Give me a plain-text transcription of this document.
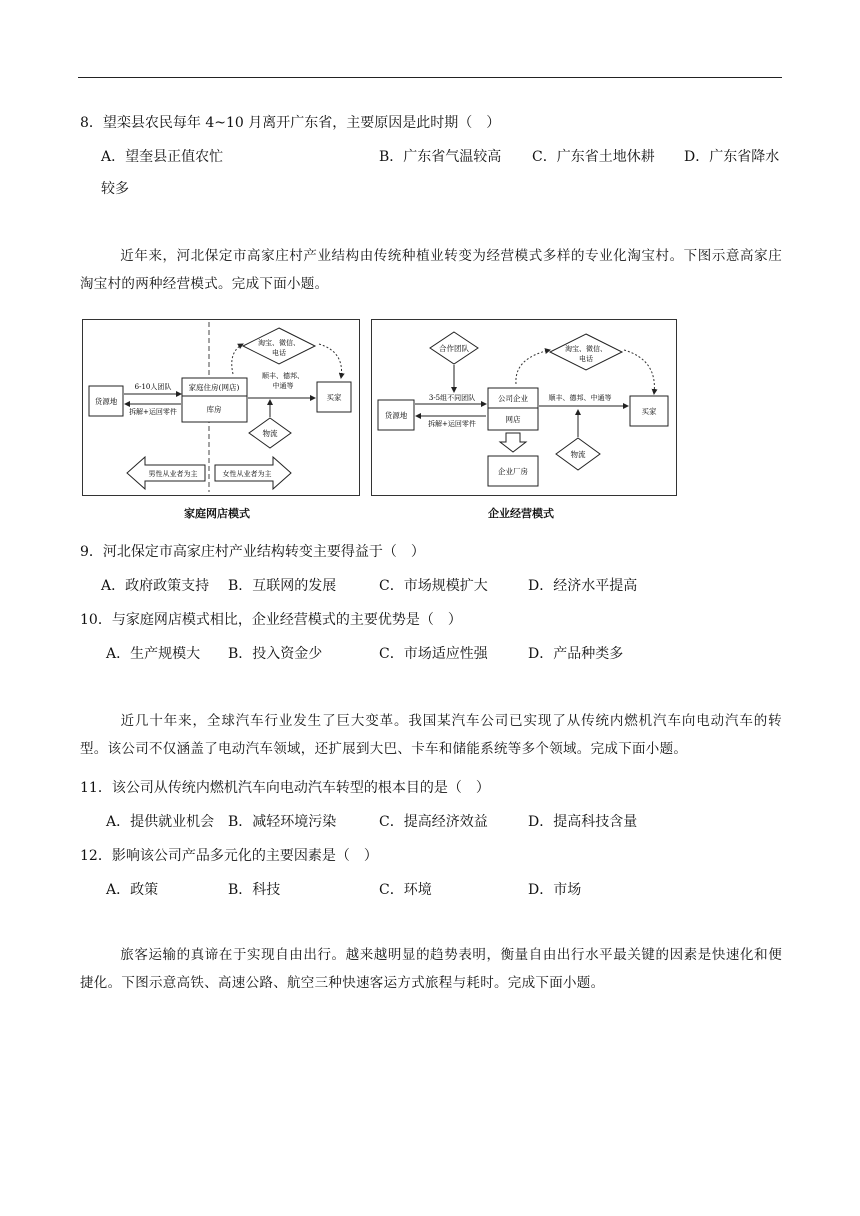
8．望栾县农民每年 4~10 月离开广东省，主要原因是此时期（　）
A．望奎县正值农忙	B．广东省气温较高 C．广东省土地休耕 D．广东省降水
较多
近年来，河北保定市高家庄村产业结构由传统种植业转变为经营模式多样的专业化淘宝村。下图示意高家庄淘宝村的两种经营模式。完成下面小题。
货源地
6-10人团队
拆解+运回零件
家庭住房(网店)
库房
淘宝、微信、
电话
顺丰、德邦、
中通等
买家
物流
男性从业者为主	女性从业者为主
家庭网店模式
合作团队
货源地
3-5组不同团队
拆解+运回零件
公司企业
网店
企业厂房
淘宝、微信、
电话
顺丰、德邦、中通等
买家
物流
企业经营模式
9．河北保定市高家庄村产业结构转变主要得益于（　）
A．政府政策支持 B．互联网的发展	C．市场规模扩大	D．经济水平提高
10．与家庭网店模式相比，企业经营模式的主要优势是（　）
A．生产规模大 B．投入资金少	C．市场适应性强	D．产品种类多
近几十年来，全球汽车行业发生了巨大变革。我国某汽车公司已实现了从传统内燃机汽车向电动汽车的转型。该公司不仅涵盖了电动汽车领域，还扩展到大巴、卡车和储能系统等多个领域。完成下面小题。
11．该公司从传统内燃机汽车向电动汽车转型的根本目的是（　）
A．提供就业机会 B．减轻环境污染	C．提高经济效益	D．提高科技含量
12．影响该公司产品多元化的主要因素是（　）
A．政策	B．科技	C．环境	D．市场
旅客运输的真谛在于实现自由出行。越来越明显的趋势表明，衡量自由出行水平最关键的因素是快速化和便捷化。下图示意高铁、高速公路、航空三种快速客运方式旅程与耗时。完成下面小题。
